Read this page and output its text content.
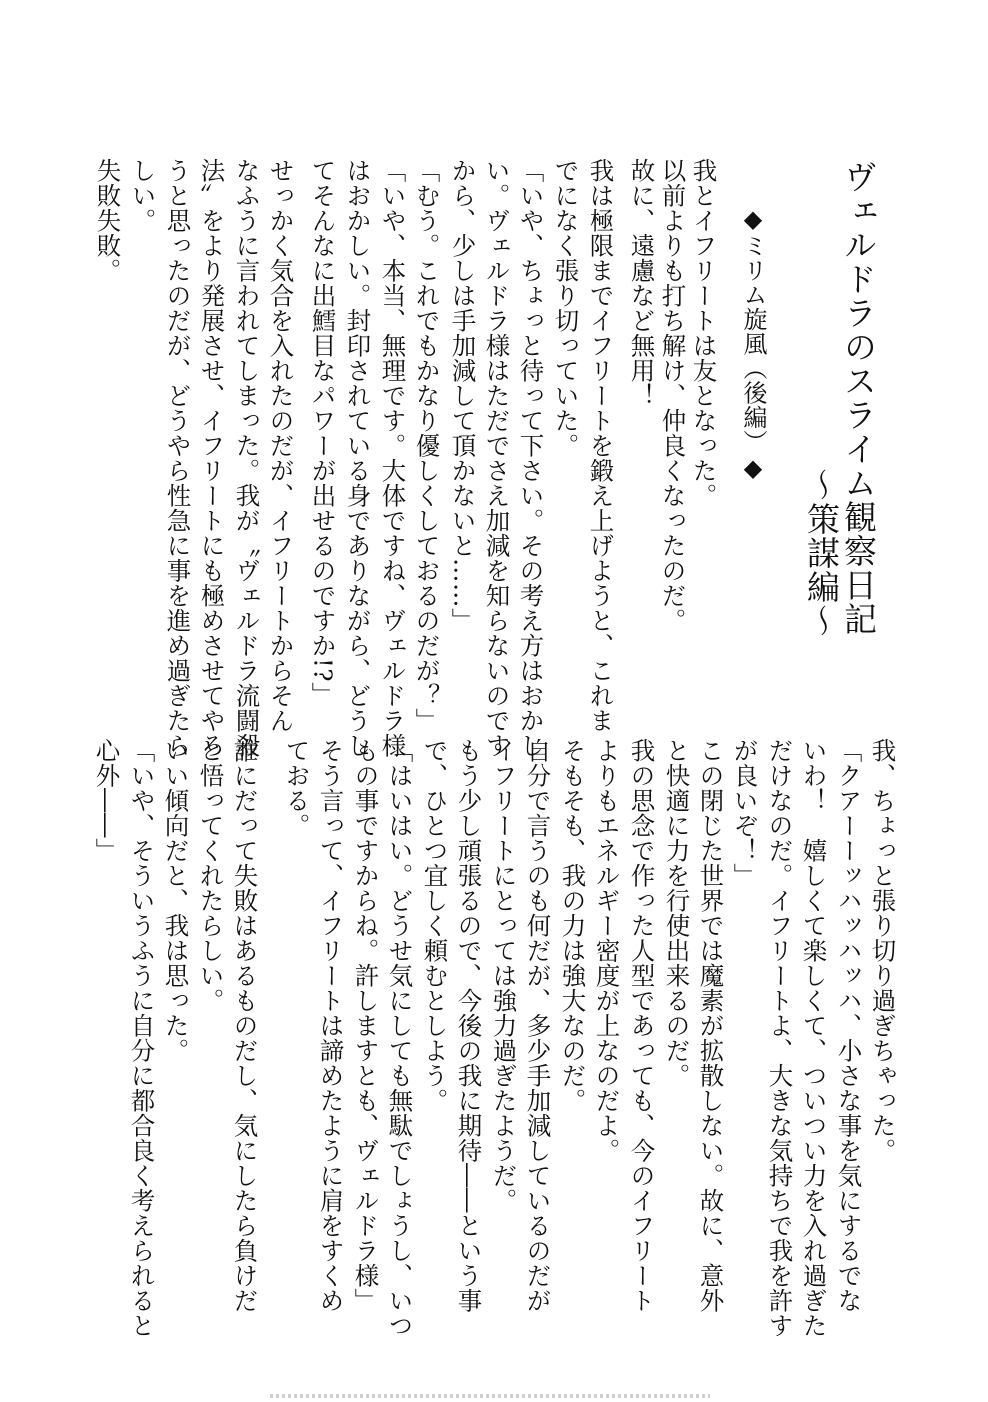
ヴェルドラのスライム観察日記
～策謀編～
◆ミリム旋風（後編）◆
我とイフリートは友となった。
以前よりも打ち解け、仲良くなったのだ。
故に、遠慮など無用！
我は極限までイフリートを鍛え上げようと、これま
でになく張り切っていた。
「いや、ちょっと待って下さい。その考え方はおかし
い。ヴェルドラ様はただでさえ加減を知らないのです
から、少しは手加減して頂かないと……」
「むう。これでもかなり優しくしておるのだが？」
「いや、本当、無理です。大体ですね、ヴェルドラ様
はおかしい。封印されている身でありながら、どうし
てそんなに出鱈目なパワーが出せるのですか!?」
せっかく気合を入れたのだが、イフリートからそん
なふうに言われてしまった。我が〝ヴェルドラ流闘殺
法〟をより発展させ、イフリートにも極めさせてやろ
うと思ったのだが、どうやら性急に事を進め過ぎたら
しい。
失敗失敗。
我、ちょっと張り切り過ぎちゃった。
「クアーーッハッハッハ、小さな事を気にするでな
いわ！　嬉しくて楽しくて、ついつい力を入れ過ぎた
だけなのだ。イフリートよ、大きな気持ちで我を許す
が良いぞ！」
この閉じた世界では魔素が拡散しない。故に、意外
と快適に力を行使出来るのだ。
我の思念で作った人型であっても、今のイフリート
よりもエネルギー密度が上なのだよ。
そもそも、我の力は強大なのだ。
自分で言うのも何だが、多少手加減しているのだが
イフリートにとっては強力過ぎたようだ。
もう少し頑張るので、今後の我に期待――という事
で、ひとつ宜しく頼むとしよう。
「はいはい。どうせ気にしても無駄でしょうし、いつ
もの事ですからね。許しますとも、ヴェルドラ様」
そう言って、イフリートは諦めたように肩をすくめ
ておる。
誰にだって失敗はあるものだし、気にしたら負けだ
と悟ってくれたらしい。
いい傾向だと、我は思った。
「いや、そういうふうに自分に都合良く考えられると
心外――」
